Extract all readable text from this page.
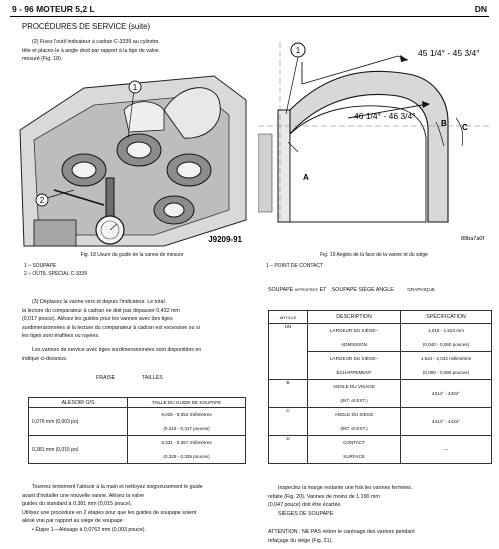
9 - 96 MOTEUR 5,2 L	DN
PROCÉDURES DE SERVICE (suite)
(2) Fixez l'outil indicateur à cadran C-3339 au cylindre.
tête et placez-le à angle droit par rapport à la tige de valve.
mesuré (Fig. 18).
1
2
J9209-91
Fig. 18 Usure du guide de la vanne de mesure
1 – SOUPAPE
2 – OUTIL SPÉCIAL C-3339
(3) Déplacez la vanne vers et depuis l'indicateur. Le total
la lecture du comparateur à cadran ne doit pas dépasser 0,432 mm
(0,017 pouce). Alésez les guides pour les vannes avec des tiges
surdimensionnées si la lecture du comparateur à cadran est excessive ou si
les tiges sont éraflées ou rayées.
Les vannes de service avec tiges surdimensionnées sont disponibles en
indiqué ci-dessous.
FRAISE	TAILLES
ALÉSOIR O/S	TAILLE DU GUIDE DE SOUPAPE
0,076 mm (0,003 po)	8,026 - 8,052 millimètres
	(0,316 - 0,317 pouces)
0,381 mm (0,015 po)	8,331 - 8,357 millimètres
	(0,328 - 0,329 pouces)
Tournez lentement l'alésoir à la main et nettoyez soigneusement le guide
avant d'installer une nouvelle vanne. Alésez la valve
guides du standard à 0,381 mm (0,015 pouce).
Utilisez une procédure en 2 étapes pour que les guides de soupape soient
alésé vrai par rapport au siège de soupape :
• Étape 1—Alésage à 0,0763 mm (0,003 pouce).
45 1/4° - 45 3/4°
46 1/4° - 46 3/4°
1
A
B C
80ba7a0f
Fig. 19 Angles de la face de la vanne et du siège
1 – POINT DE CONTACT
SOUPAPE APPROPRIÉE ET SOUPAPE SIÈGE ANGLE	GRAPHIQUE
ARTICLE	DESCRIPTION	SPÉCIFICATION
UN	LARGEUR DU SIÈGE–	1,016 - 1,524 mm
	ADMISSION	(0,040 - 0,060 pouces)
	LARGEUR DU SIÈGE–	1,524 - 2,032 millimètres
	ÉCHAPPEMENT	(0,060 - 0,080 pouces)
B	ANGLE DU VISAGE	4314° - 4334°
	(INT. et EXT.)	
C	ANGLE DU SIÈGE	4414° - 4434°
	(INT. et EXT.)	
D	CONTACT	—
	SURFACE	
Inspectez la marge restante une fois les vannes fermées.
refaite (Fig. 20). Vannes de moins de 1.190 mm
(0,047 pouce) doit être écartée.
SIÈGES DE SOUPAPE
ATTENTION : NE PAS retirer le carénage des vannes pendant
refaçage du siège (Fig. 21).
